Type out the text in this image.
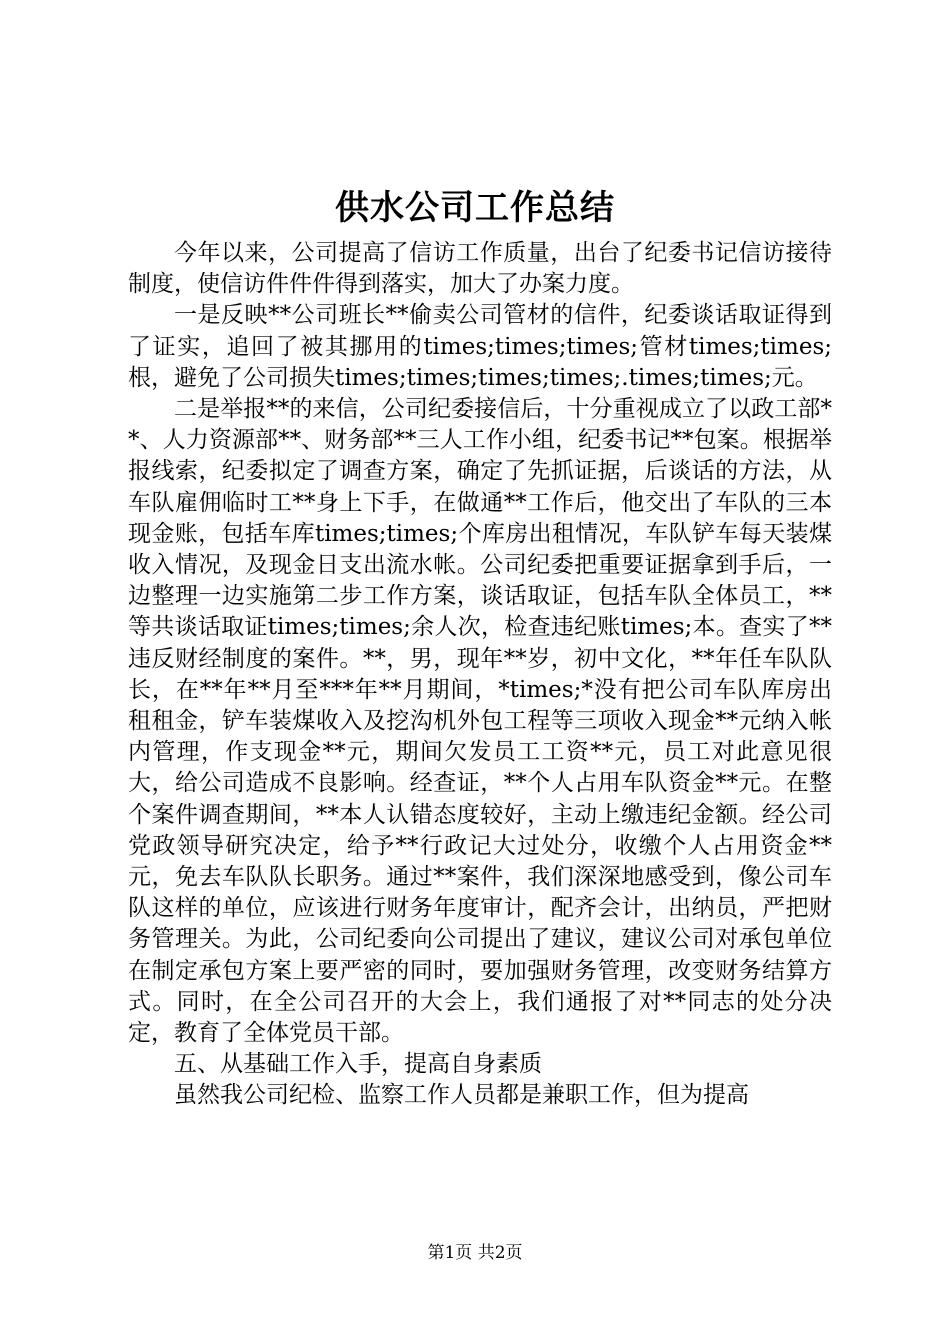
供水公司工作总结

今年以来，公司提高了信访工作质量，出台了纪委书记信访接待制度，使信访件件件得到落实，加大了办案力度。

一是反映**公司班长**偷卖公司管材的信件，纪委谈话取证得到了证实，追回了被其挪用的times;times;times;管材times;times;根，避免了公司损失times;times;times;times;.times;times;元。

二是举报**的来信，公司纪委接信后，十分重视成立了以政工部**、人力资源部**、财务部**三人工作小组，纪委书记**包案。根据举报线索，纪委拟定了调查方案，确定了先抓证据，后谈话的方法，从车队雇佣临时工**身上下手，在做通**工作后，他交出了车队的三本现金账，包括车库times;times;个库房出租情况，车队铲车每天装煤收入情况，及现金日支出流水帐。公司纪委把重要证据拿到手后，一边整理一边实施第二步工作方案，谈话取证，包括车队全体员工，**等共谈话取证times;times;余人次，检查违纪账times;本。查实了**违反财经制度的案件。**，男，现年**岁，初中文化，**年任车队队长，在**年**月至***年**月期间，*times;*没有把公司车队库房出租租金，铲车装煤收入及挖沟机外包工程等三项收入现金**元纳入帐内管理，作支现金**元，期间欠发员工工资**元，员工对此意见很大，给公司造成不良影响。经查证，**个人占用车队资金**元。在整个案件调查期间，**本人认错态度较好，主动上缴违纪金额。经公司党政领导研究决定，给予**行政记大过处分，收缴个人占用资金**元，免去车队队长职务。通过**案件，我们深深地感受到，像公司车队这样的单位，应该进行财务年度审计，配齐会计，出纳员，严把财务管理关。为此，公司纪委向公司提出了建议，建议公司对承包单位在制定承包方案上要严密的同时，要加强财务管理，改变财务结算方式。同时，在全公司召开的大会上，我们通报了对**同志的处分决定，教育了全体党员干部。

五、从基础工作入手，提高自身素质

虽然我公司纪检、监察工作人员都是兼职工作，但为提高

第1页 共2页
